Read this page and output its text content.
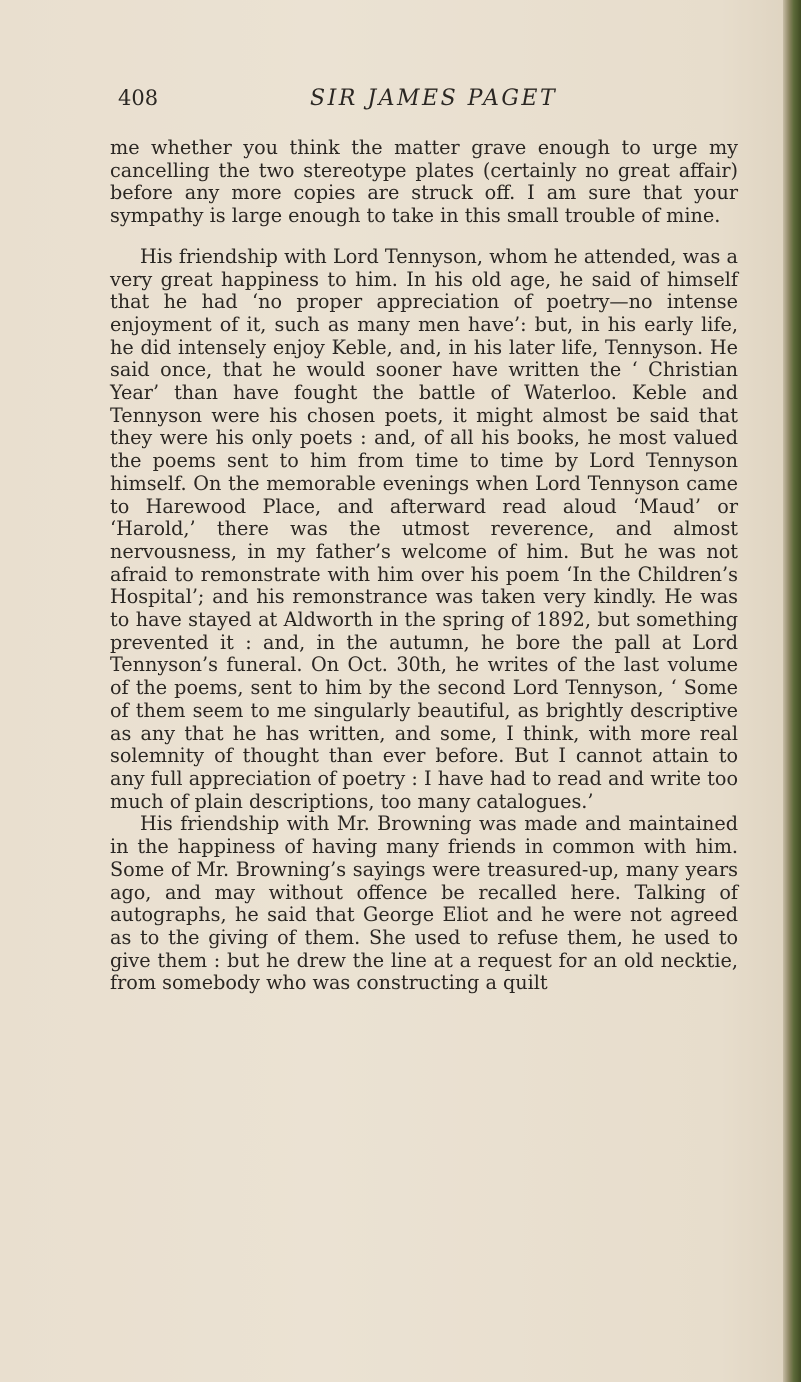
408	SIR JAMES PAGET

me whether you think the matter grave enough to urge my cancelling the two stereotype plates (certainly no great affair) before any more copies are struck off. I am sure that your sympathy is large enough to take in this small trouble of mine.

His friendship with Lord Tennyson, whom he attended, was a very great happiness to him. In his old age, he said of himself that he had ‘no proper appreciation of poetry—no intense enjoyment of it, such as many men have’: but, in his early life, he did intensely enjoy Keble, and, in his later life, Tennyson. He said once, that he would sooner have written the ‘ Christian Year’ than have fought the battle of Waterloo. Keble and Tennyson were his chosen poets, it might almost be said that they were his only poets : and, of all his books, he most valued the poems sent to him from time to time by Lord Tennyson himself. On the memorable evenings when Lord Tennyson came to Harewood Place, and afterward read aloud ‘Maud’ or ‘Harold,’ there was the utmost reverence, and almost nervousness, in my father’s welcome of him. But he was not afraid to remonstrate with him over his poem ‘In the Children’s Hospital’; and his remonstrance was taken very kindly. He was to have stayed at Aldworth in the spring of 1892, but something prevented it : and, in the autumn, he bore the pall at Lord Tennyson’s funeral. On Oct. 30th, he writes of the last volume of the poems, sent to him by the second Lord Tennyson, ‘ Some of them seem to me singularly beautiful, as brightly descriptive as any that he has written, and some, I think, with more real solemnity of thought than ever before. But I cannot attain to any full appreciation of poetry : I have had to read and write too much of plain descriptions, too many catalogues.’

His friendship with Mr. Browning was made and maintained in the happiness of having many friends in common with him. Some of Mr. Browning’s sayings were treasured-up, many years ago, and may without offence be recalled here. Talking of autographs, he said that George Eliot and he were not agreed as to the giving of them. She used to refuse them, he used to give them : but he drew the line at a request for an old necktie, from somebody who was constructing a quilt
